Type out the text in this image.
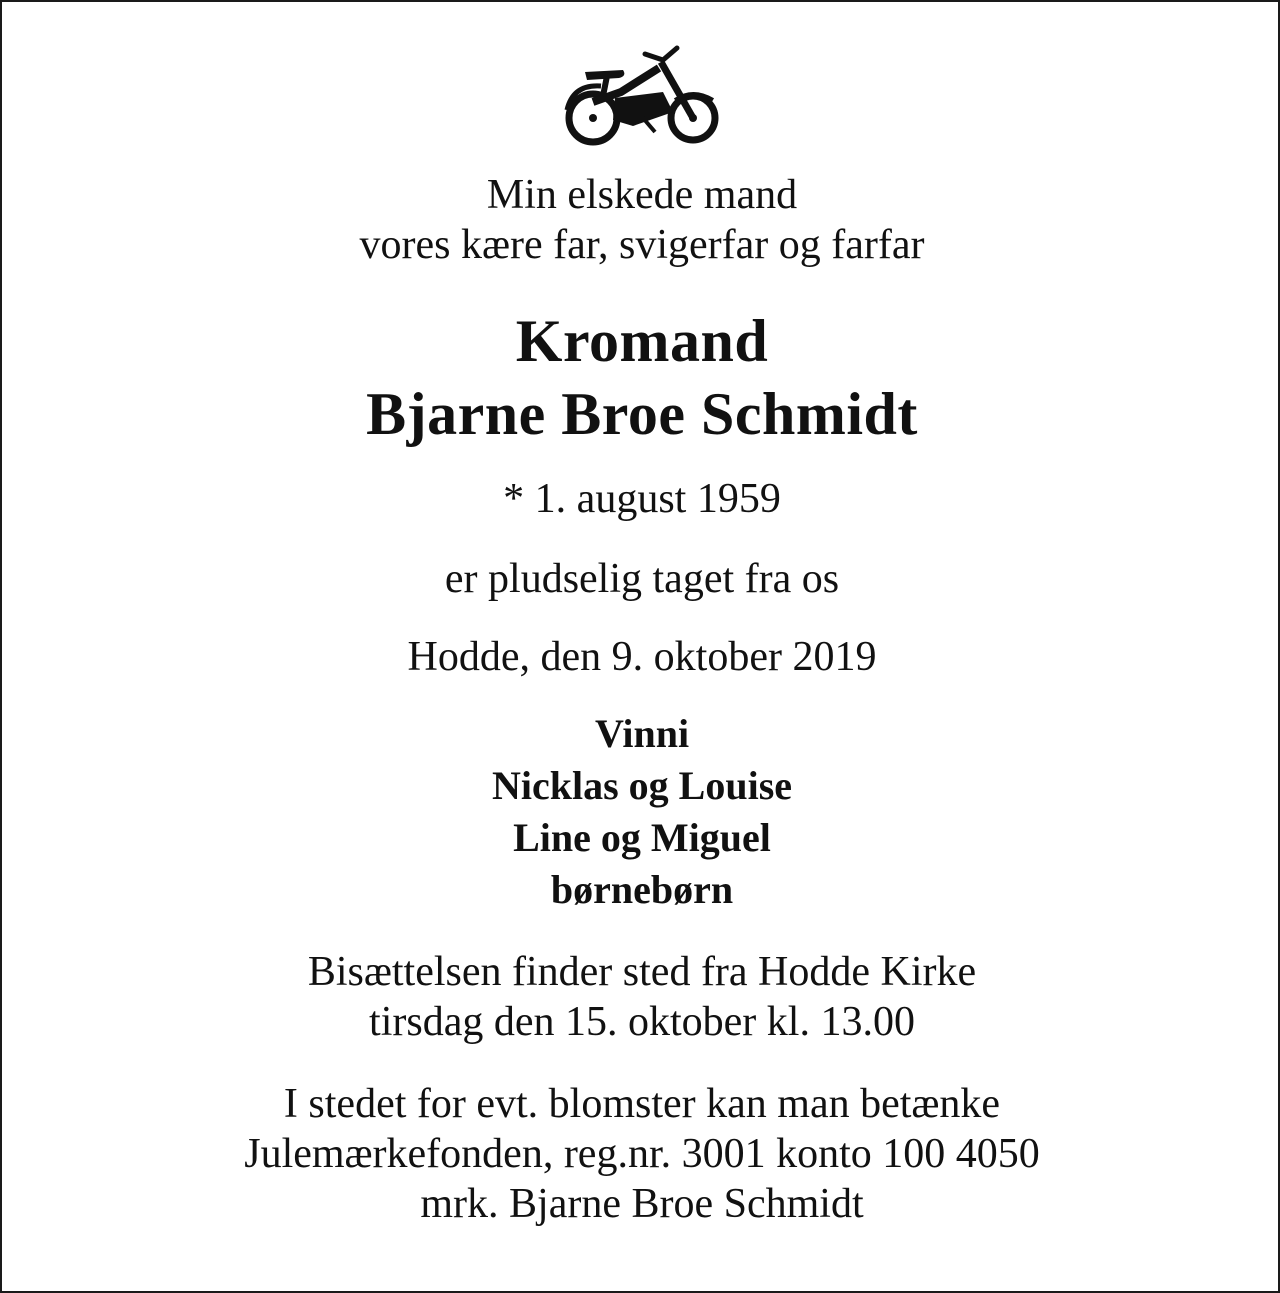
Min elskede mand
vores kære far, svigerfar og farfar
Kromand
Bjarne Broe Schmidt
* 1. august 1959
er pludselig taget fra os
Hodde, den 9. oktober 2019
Vinni
Nicklas og Louise
Line og Miguel
børnebørn
Bisættelsen finder sted fra Hodde Kirke
tirsdag den 15. oktober kl. 13.00
I stedet for evt. blomster kan man betænke
Julemærkefonden, reg.nr. 3001 konto 100 4050
mrk. Bjarne Broe Schmidt
